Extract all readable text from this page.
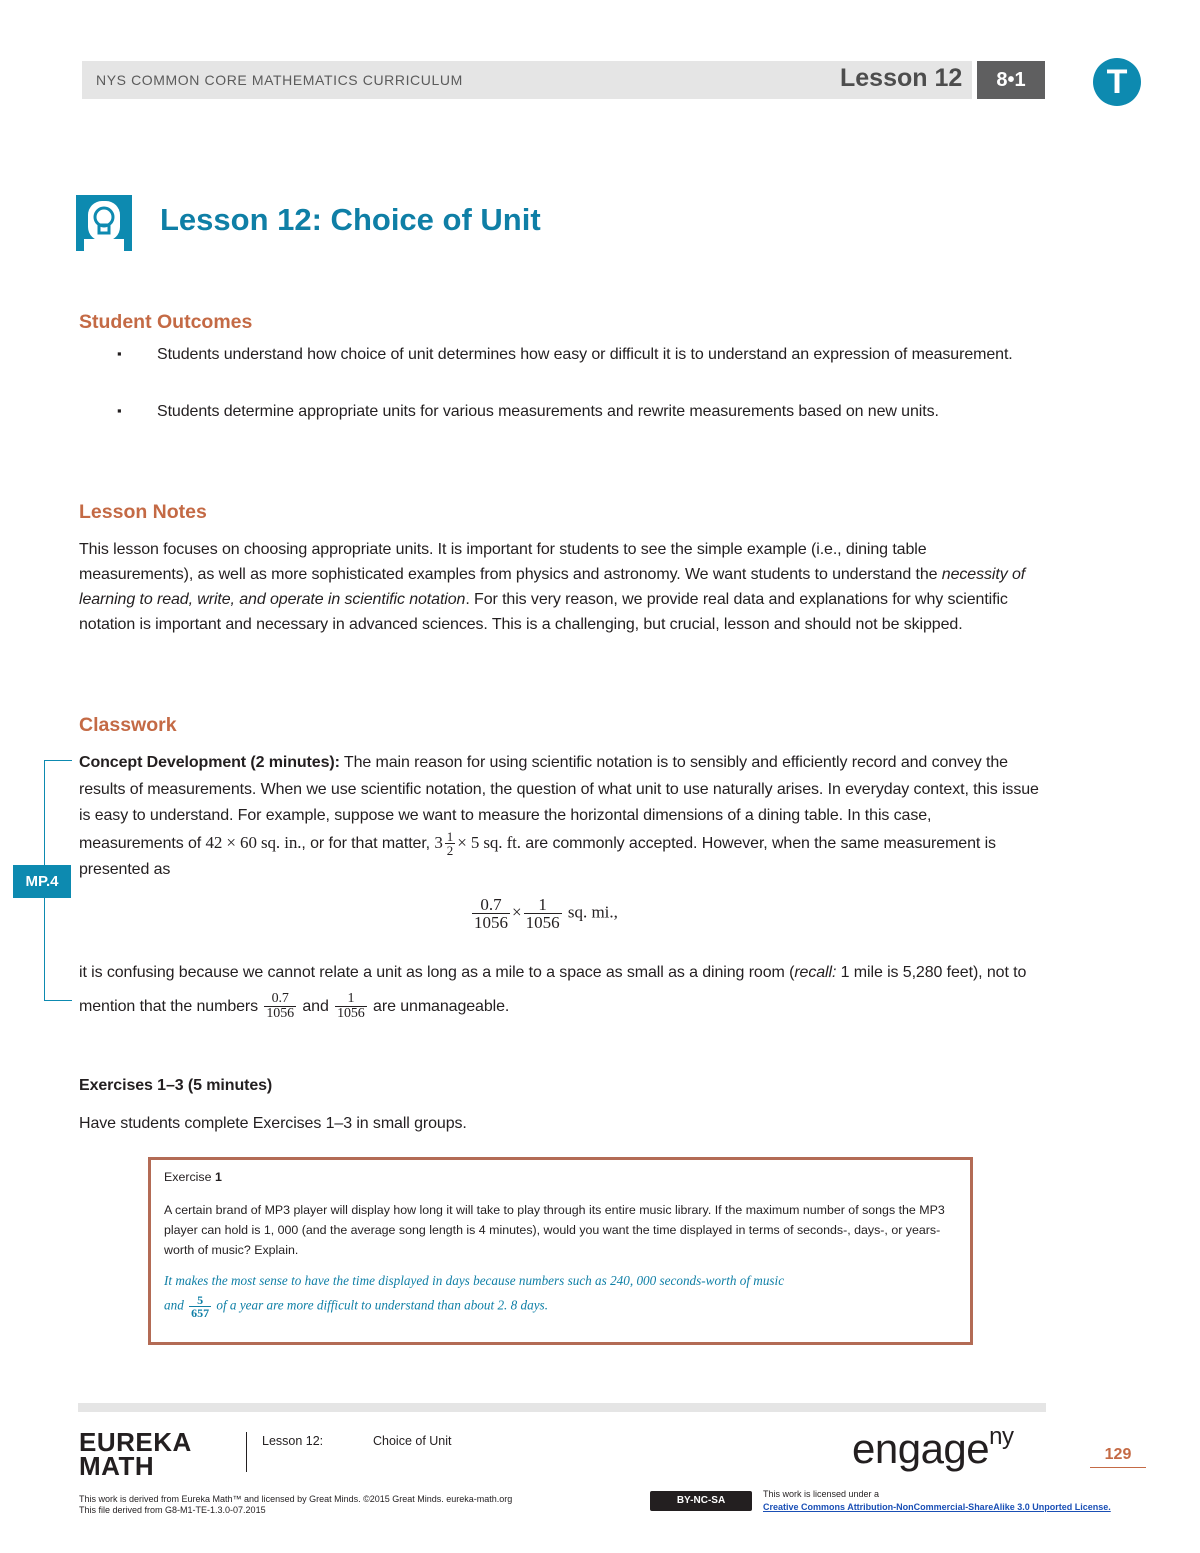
NYS COMMON CORE MATHEMATICS CURRICULUM	Lesson 12	8•1	T
Lesson 12: Choice of Unit
Student Outcomes
▪ Students understand how choice of unit determines how easy or difficult it is to understand an expression of measurement.
▪ Students determine appropriate units for various measurements and rewrite measurements based on new units.
Lesson Notes
This lesson focuses on choosing appropriate units. It is important for students to see the simple example (i.e., dining table measurements), as well as more sophisticated examples from physics and astronomy. We want students to understand the necessity of learning to read, write, and operate in scientific notation. For this very reason, we provide real data and explanations for why scientific notation is important and necessary in advanced sciences. This is a challenging, but crucial, lesson and should not be skipped.
Classwork
MP.4
Concept Development (2 minutes): The main reason for using scientific notation is to sensibly and efficiently record and convey the results of measurements. When we use scientific notation, the question of what unit to use naturally arises. In everyday context, this issue is easy to understand. For example, suppose we want to measure the horizontal dimensions of a dining table. In this case, measurements of 42 × 60 sq. in., or for that matter, $3 \frac{1}{2} \times 5$ sq. ft. are commonly accepted. However, when the same measurement is presented as
$\frac{0.7}{1056} \times \frac{1}{1056}$ sq. mi.,
it is confusing because we cannot relate a unit as long as a mile to a space as small as a dining room (recall: 1 mile is 5,280 feet), not to mention that the numbers $\frac{0.7}{1056}$ and $\frac{1}{1056}$ are unmanageable.
Exercises 1–3 (5 minutes)
Have students complete Exercises 1–3 in small groups.
Exercise 1
A certain brand of MP3 player will display how long it will take to play through its entire music library. If the maximum number of songs the MP3 player can hold is 1, 000 (and the average song length is 4 minutes), would you want the time displayed in terms of seconds-, days-, or years-worth of music? Explain.
It makes the most sense to have the time displayed in days because numbers such as 240, 000 seconds-worth of music
and $\frac{5}{657}$ of a year are more difficult to understand than about 2. 8 days.
EUREKA
MATH
Lesson 12:	Choice of Unit	engage$^{ny}$
129
This work is derived from Eureka Math™ and licensed by Great Minds. ©2015 Great Minds. eureka-math.org
This file derived from G8-M1-TE-1.3.0-07.2015
BY-NC-SA
This work is licensed under a
Creative Commons Attribution-NonCommercial-ShareAlike 3.0 Unported License.
